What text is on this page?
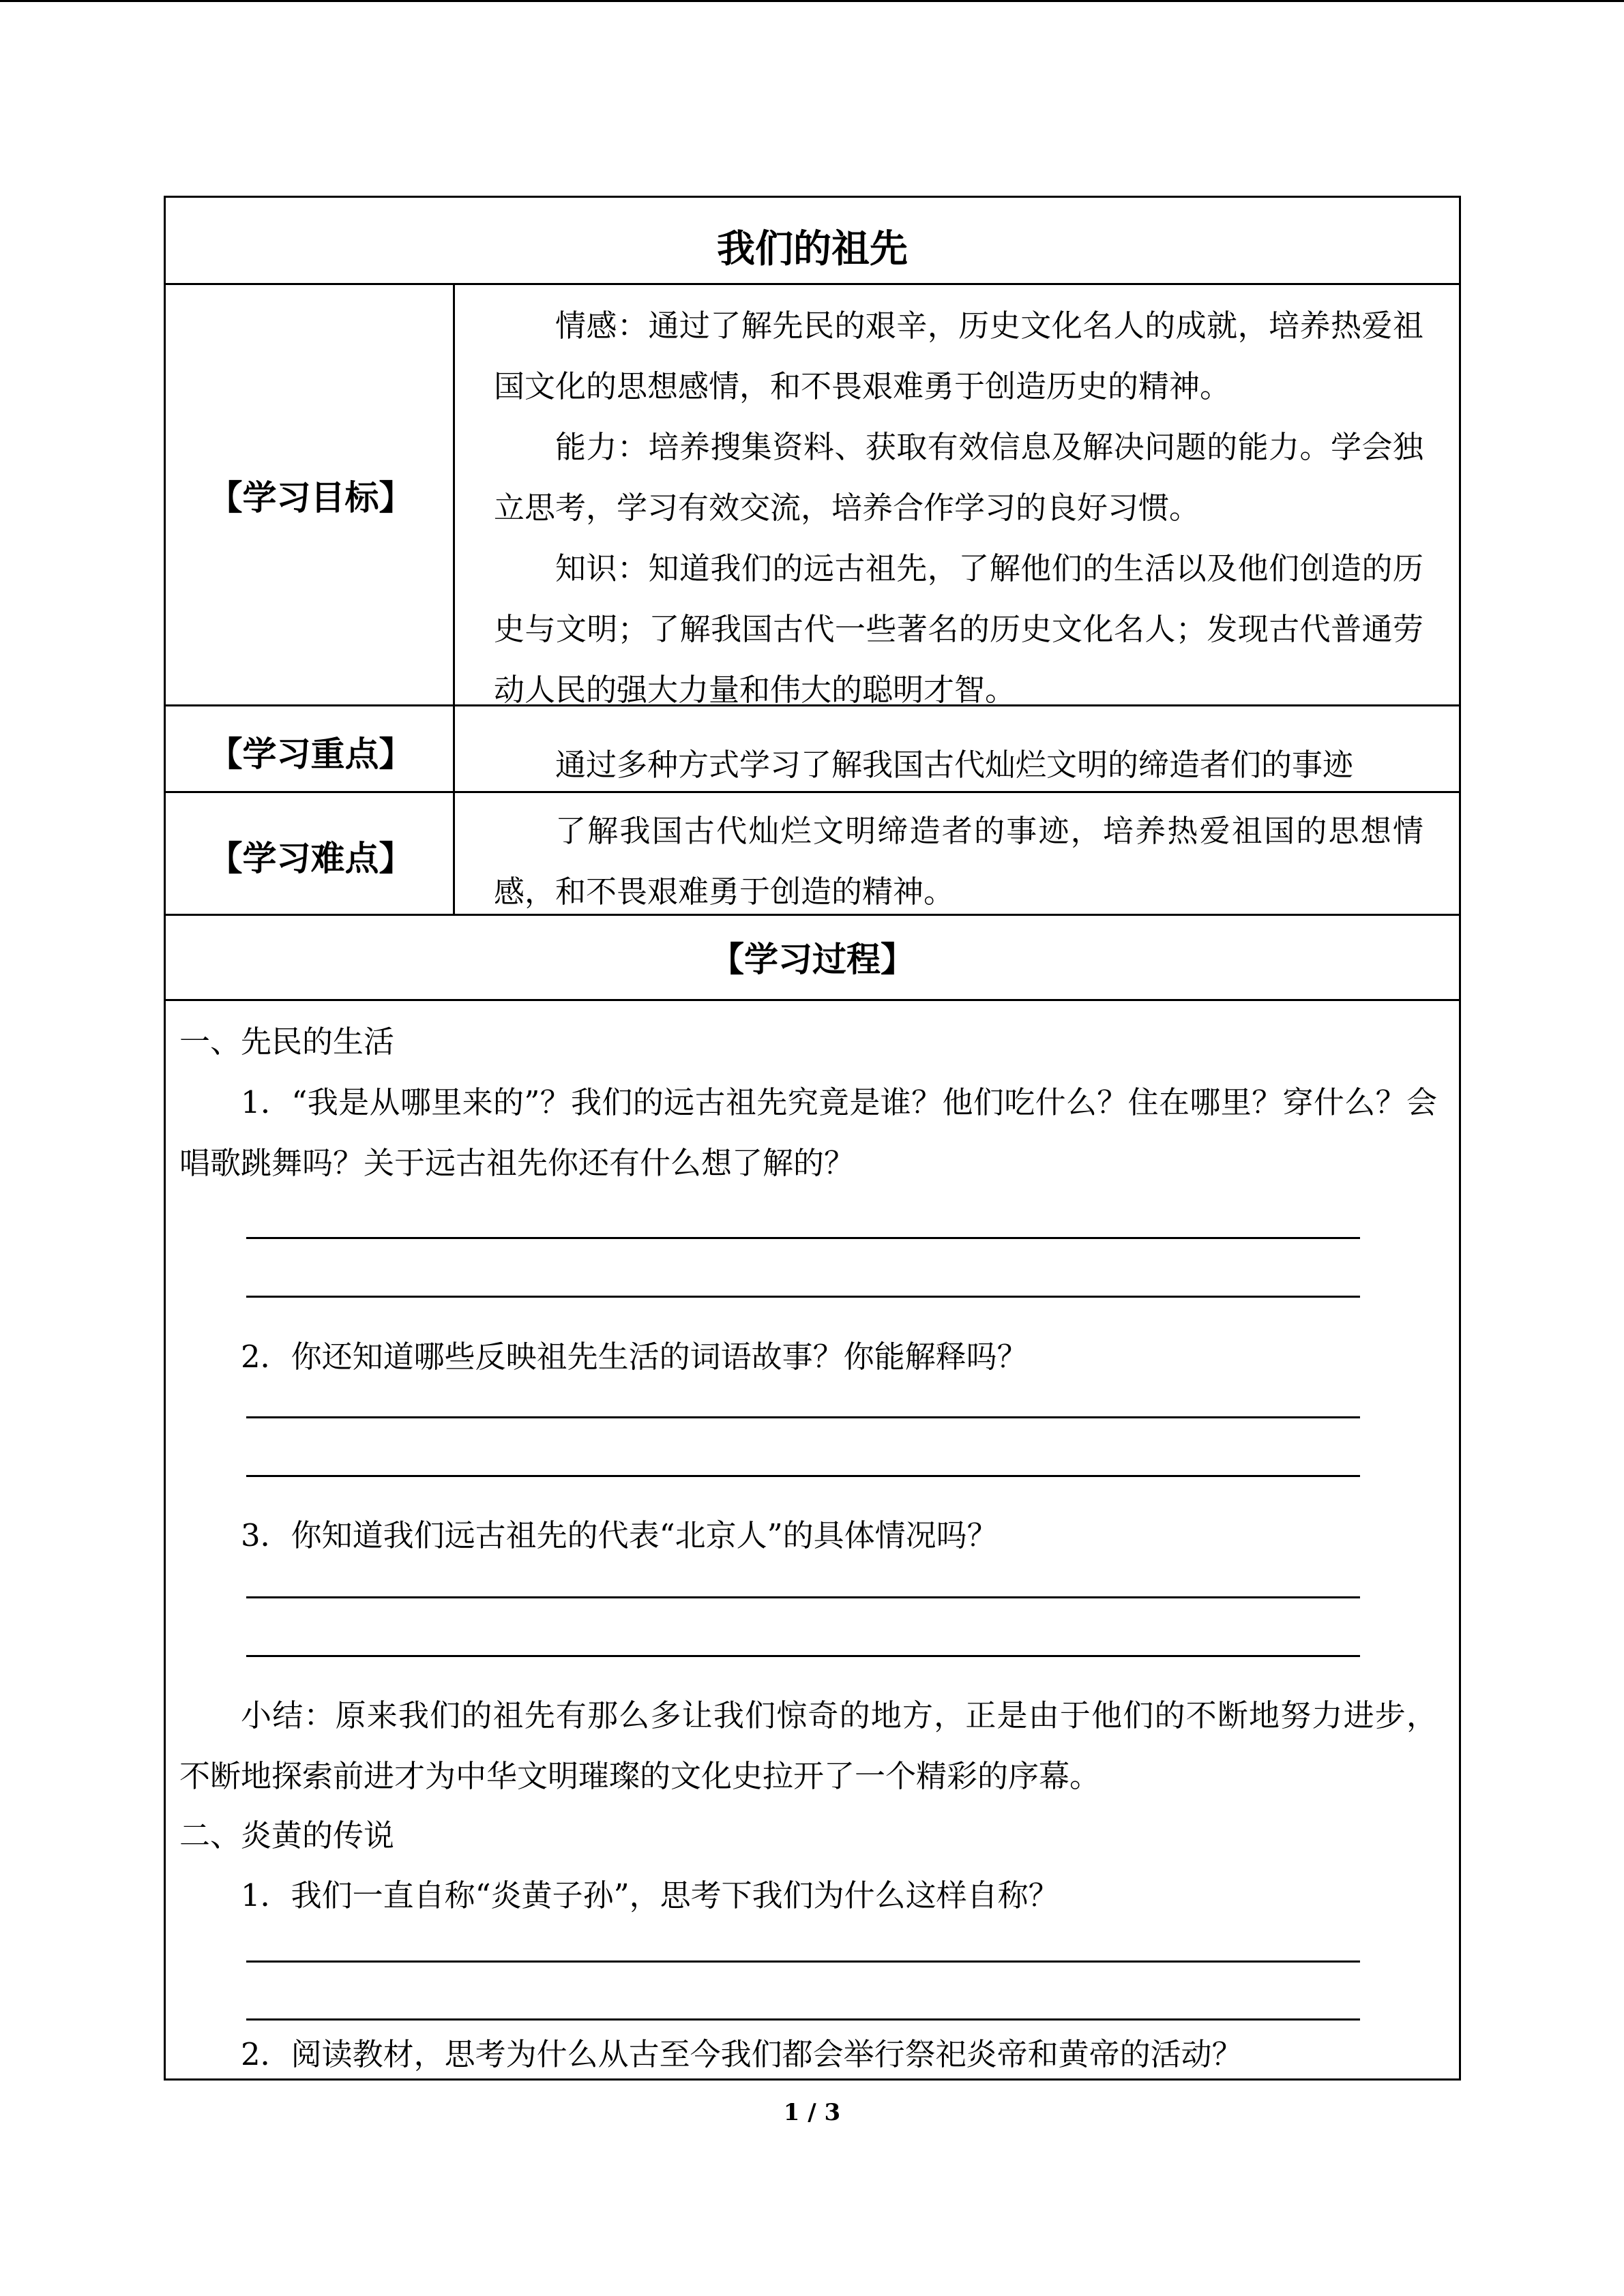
我们的祖先
【学习目标】
情感：通过了解先民的艰辛，历史文化名人的成就，培养热爱祖国文化的思想感情，和不畏艰难勇于创造历史的精神。
能力：培养搜集资料、获取有效信息及解决问题的能力。学会独立思考，学习有效交流，培养合作学习的良好习惯。
知识：知道我们的远古祖先，了解他们的生活以及他们创造的历史与文明；了解我国古代一些著名的历史文化名人；发现古代普通劳动人民的强大力量和伟大的聪明才智。
【学习重点】	通过多种方式学习了解我国古代灿烂文明的缔造者们的事迹
【学习难点】
了解我国古代灿烂文明缔造者的事迹，培养热爱祖国的思想情感，和不畏艰难勇于创造的精神。
【学习过程】
一、先民的生活
1．“我是从哪里来的”？我们的远古祖先究竟是谁？他们吃什么？住在哪里？穿什么？会唱歌跳舞吗？关于远古祖先你还有什么想了解的？
2．你还知道哪些反映祖先生活的词语故事？你能解释吗？
3．你知道我们远古祖先的代表“北京人”的具体情况吗？
小结：原来我们的祖先有那么多让我们惊奇的地方，正是由于他们的不断地努力进步，不断地探索前进才为中华文明璀璨的文化史拉开了一个精彩的序幕。
二、炎黄的传说
1．我们一直自称“炎黄子孙”，思考下我们为什么这样自称？
2．阅读教材，思考为什么从古至今我们都会举行祭祀炎帝和黄帝的活动？
1 / 3
